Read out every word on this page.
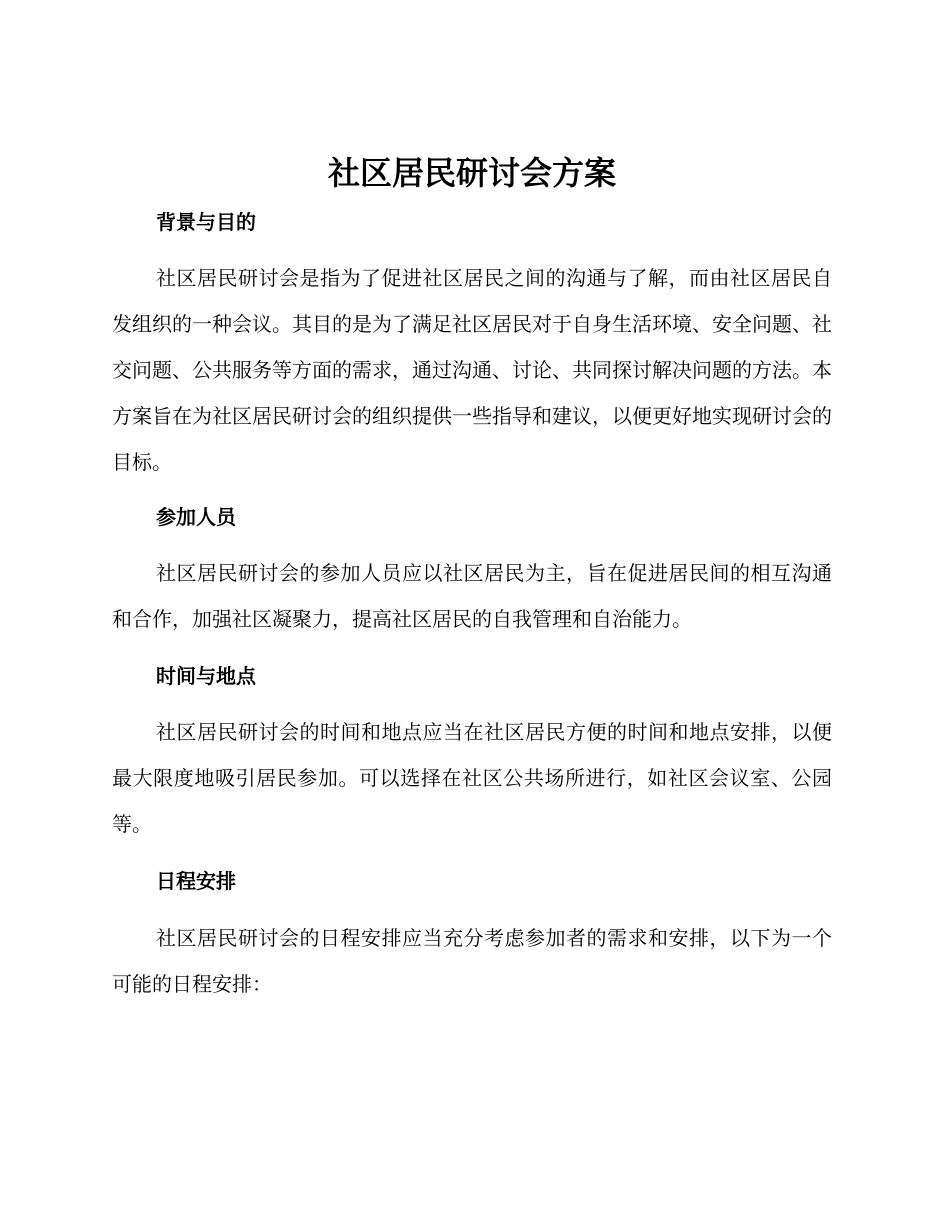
社区居民研讨会方案
背景与目的

社区居民研讨会是指为了促进社区居民之间的沟通与了解，而由社区居民自发组织的一种会议。其目的是为了满足社区居民对于自身生活环境、安全问题、社交问题、公共服务等方面的需求，通过沟通、讨论、共同探讨解决问题的方法。本方案旨在为社区居民研讨会的组织提供一些指导和建议，以便更好地实现研讨会的目标。

参加人员

社区居民研讨会的参加人员应以社区居民为主，旨在促进居民间的相互沟通和合作，加强社区凝聚力，提高社区居民的自我管理和自治能力。

时间与地点

社区居民研讨会的时间和地点应当在社区居民方便的时间和地点安排，以便最大限度地吸引居民参加。可以选择在社区公共场所进行，如社区会议室、公园等。

日程安排

社区居民研讨会的日程安排应当充分考虑参加者的需求和安排，以下为一个可能的日程安排：
